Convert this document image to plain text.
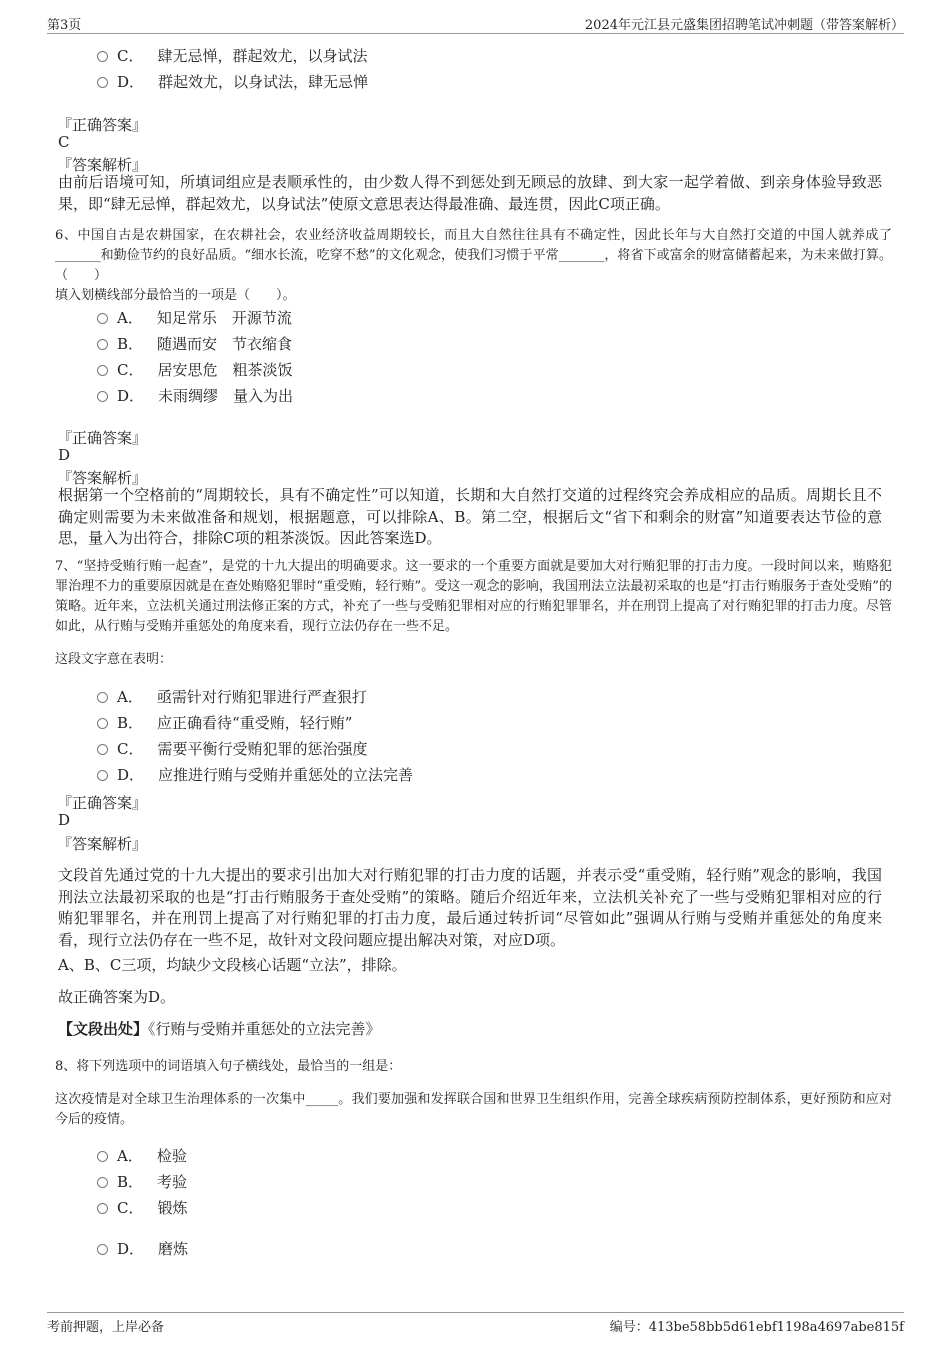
第3页	2024年元江县元盛集团招聘笔试冲刺题（带答案解析）
C． 肆无忌惮，群起效尤，以身试法
D． 群起效尤，以身试法，肆无忌惮
『正确答案』
C
『答案解析』
由前后语境可知，所填词组应是表顺承性的，由少数人得不到惩处到无顾忌的放肆、到大家一起学着做、到亲身体验导致恶果，即“肆无忌惮，群起效尤，以身试法”使原文意思表达得最准确、最连贯，因此C项正确。
6、中国自古是农耕国家，在农耕社会，农业经济收益周期较长，而且大自然往往具有不确定性，因此长年与大自然打交道的中国人就养成了_______和勤俭节约的良好品质。“细水长流，吃穿不愁”的文化观念，使我们习惯于平常_______，将省下或富余的财富储蓄起来，为未来做打算。（　　）
填入划横线部分最恰当的一项是（　　）。
A． 知足常乐　开源节流
B． 随遇而安　节衣缩食
C． 居安思危　粗茶淡饭
D． 未雨绸缪　量入为出
『正确答案』
D
『答案解析』
根据第一个空格前的“周期较长，具有不确定性”可以知道，长期和大自然打交道的过程终究会养成相应的品质。周期长且不确定则需要为未来做准备和规划，根据题意，可以排除A、B。第二空，根据后文“省下和剩余的财富”知道要表达节俭的意思，量入为出符合，排除C项的粗茶淡饭。因此答案选D。
7、“坚持受贿行贿一起查”，是党的十九大提出的明确要求。这一要求的一个重要方面就是要加大对行贿犯罪的打击力度。一段时间以来，贿赂犯罪治理不力的重要原因就是在查处贿赂犯罪时“重受贿，轻行贿”。受这一观念的影响，我国刑法立法最初采取的也是“打击行贿服务于查处受贿”的策略。近年来，立法机关通过刑法修正案的方式，补充了一些与受贿犯罪相对应的行贿犯罪罪名，并在刑罚上提高了对行贿犯罪的打击力度。尽管如此，从行贿与受贿并重惩处的角度来看，现行立法仍存在一些不足。
这段文字意在表明：
A． 亟需针对行贿犯罪进行严查狠打
B． 应正确看待“重受贿，轻行贿”
C． 需要平衡行受贿犯罪的惩治强度
D． 应推进行贿与受贿并重惩处的立法完善
『正确答案』
D
『答案解析』
文段首先通过党的十九大提出的要求引出加大对行贿犯罪的打击力度的话题，并表示受“重受贿，轻行贿”观念的影响，我国刑法立法最初采取的也是“打击行贿服务于查处受贿”的策略。随后介绍近年来，立法机关补充了一些与受贿犯罪相对应的行贿犯罪罪名，并在刑罚上提高了对行贿犯罪的打击力度，最后通过转折词“尽管如此”强调从行贿与受贿并重惩处的角度来看，现行立法仍存在一些不足，故针对文段问题应提出解决对策，对应D项。
A、B、C三项，均缺少文段核心话题“立法”，排除。
故正确答案为D。
【文段出处】《行贿与受贿并重惩处的立法完善》
8、将下列选项中的词语填入句子横线处，最恰当的一组是：
这次疫情是对全球卫生治理体系的一次集中_____。我们要加强和发挥联合国和世界卫生组织作用，完善全球疾病预防控制体系，更好预防和应对今后的疫情。
A． 检验
B． 考验
C． 锻炼
D． 磨炼
考前押题，上岸必备	编号：413be58bb5d61ebf1198a4697abe815f
